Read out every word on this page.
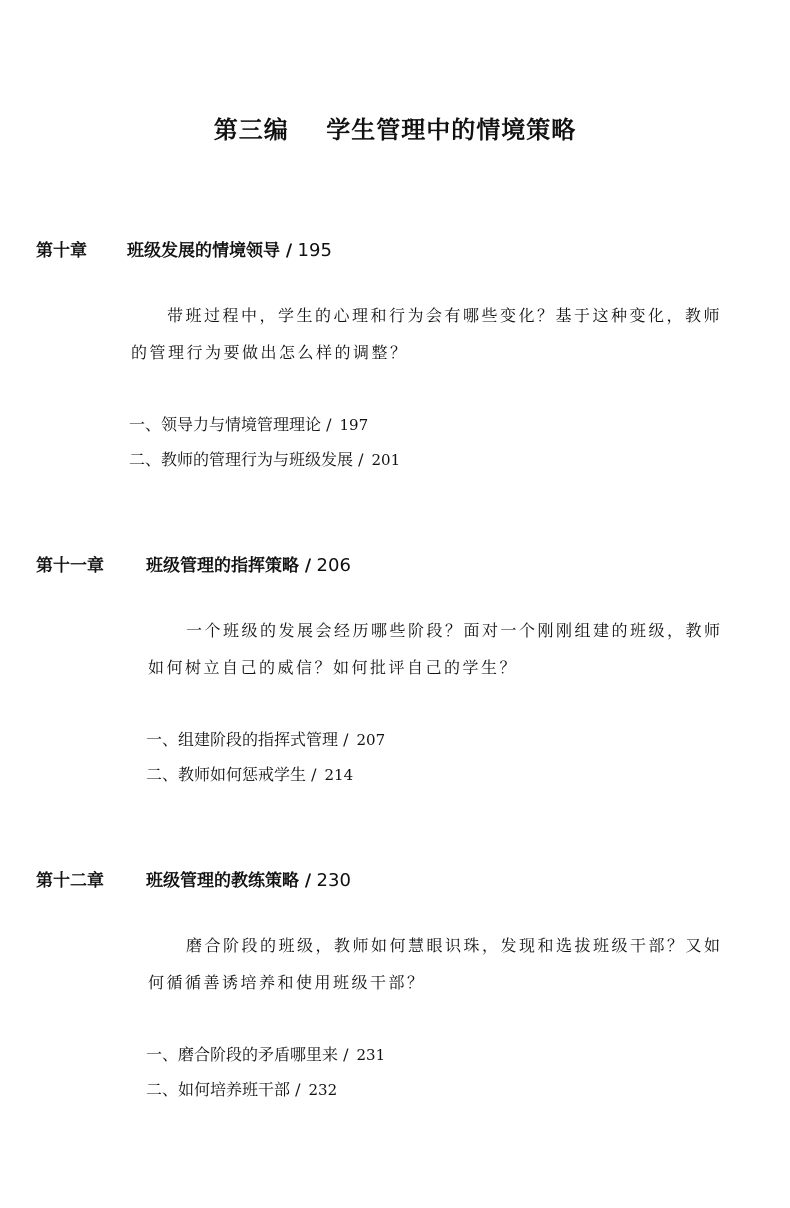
第三编    学生管理中的情境策略
第十章 班级发展的情境领导 / 195
带班过程中，学生的心理和行为会有哪些变化？基于这种变化，教师
的管理行为要做出怎么样的调整？
一、领导力与情境管理理论 / 197
二、教师的管理行为与班级发展 / 201
第十一章 班级管理的指挥策略 / 206
一个班级的发展会经历哪些阶段？面对一个刚刚组建的班级，教师
如何树立自己的威信？如何批评自己的学生？
一、组建阶段的指挥式管理 / 207
二、教师如何惩戒学生 / 214
第十二章 班级管理的教练策略 / 230
磨合阶段的班级，教师如何慧眼识珠，发现和选拔班级干部？又如
何循循善诱培养和使用班级干部？
一、磨合阶段的矛盾哪里来 / 231
二、如何培养班干部 / 232
